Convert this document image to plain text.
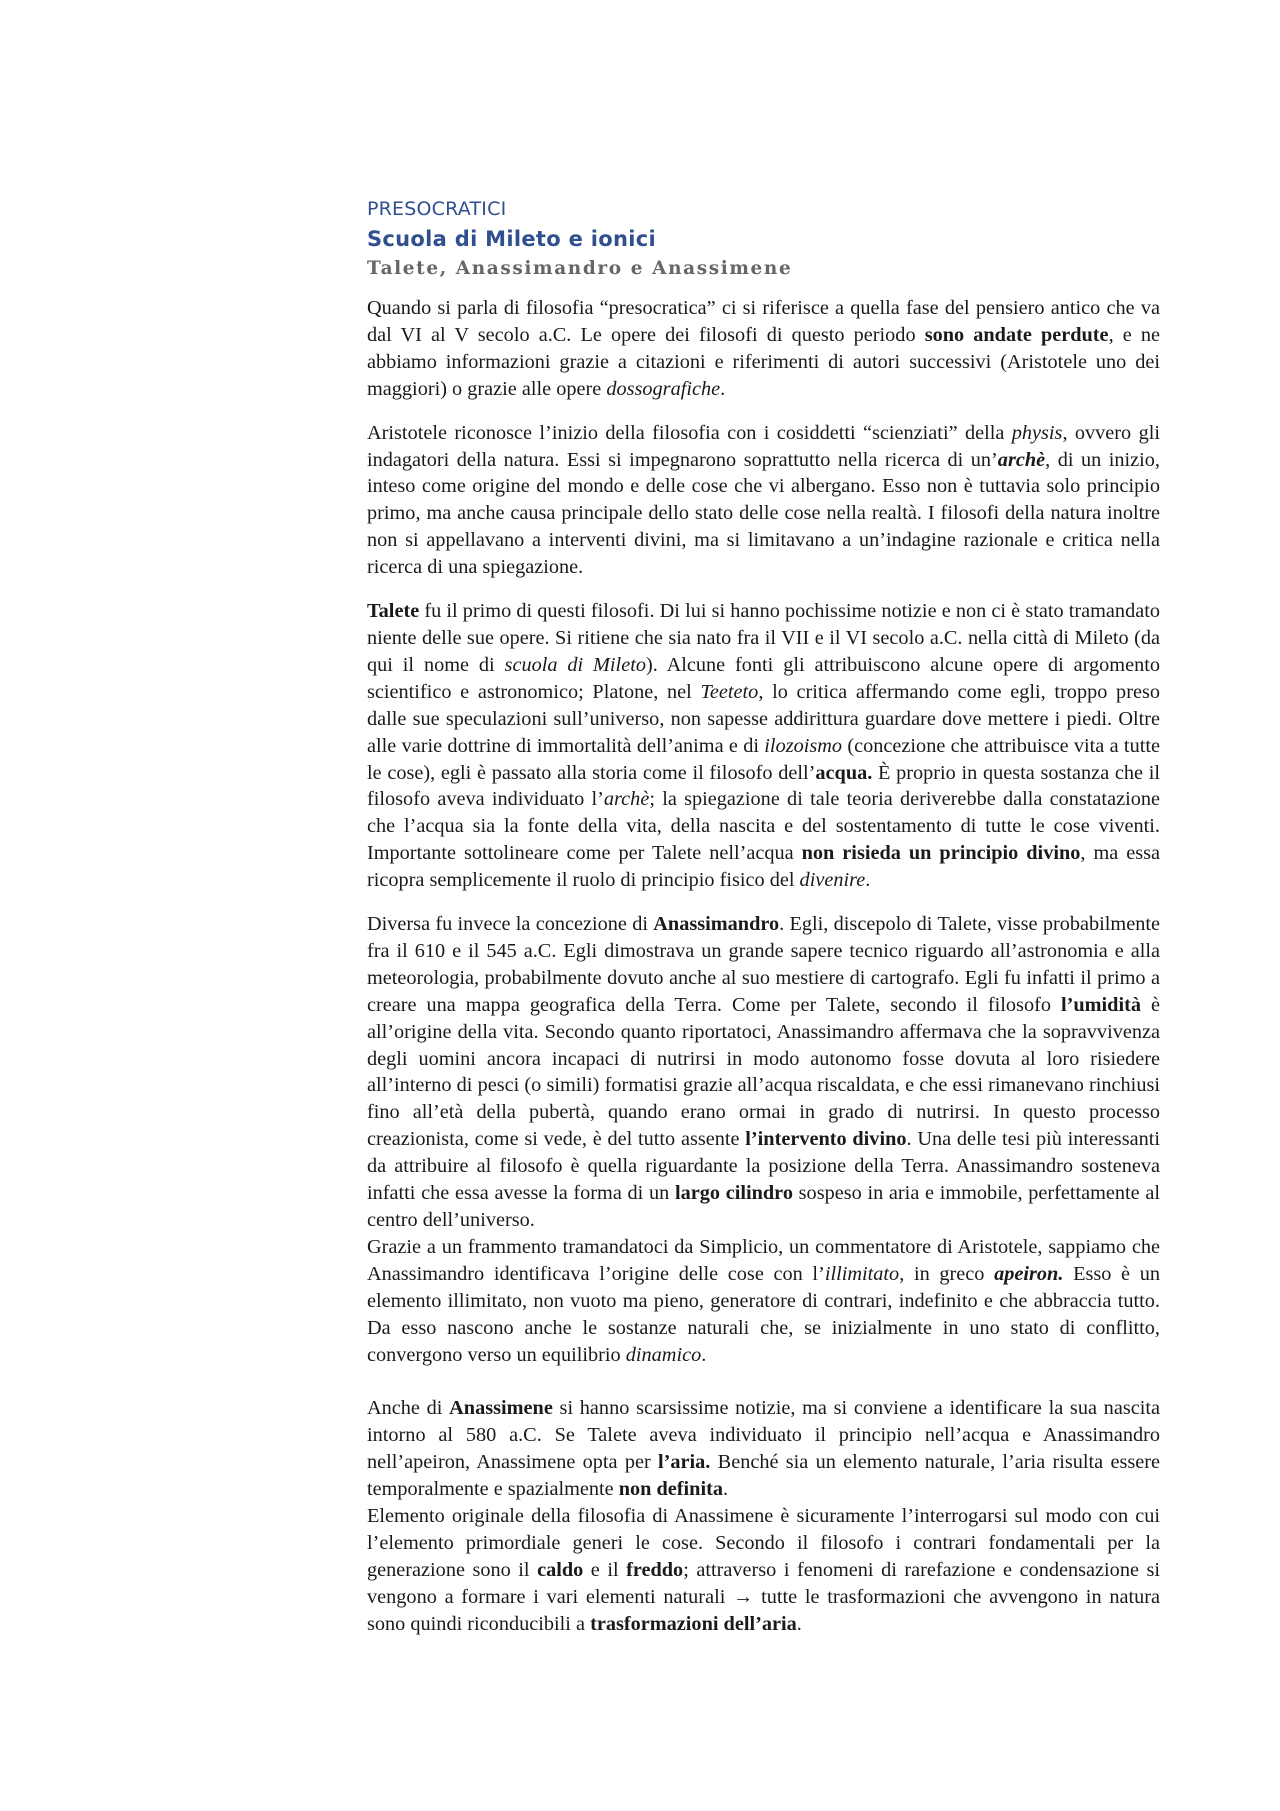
PRESOCRATICI

Scuola di Mileto e ionici

Talete, Anassimandro e Anassimene

Quando si parla di filosofia “presocratica” ci si riferisce a quella fase del pensiero antico che va dal VI al V secolo a.C. Le opere dei filosofi di questo periodo sono andate perdute, e ne abbiamo informazioni grazie a citazioni e riferimenti di autori successivi (Aristotele uno dei maggiori) o grazie alle opere dossografiche.

Aristotele riconosce l’inizio della filosofia con i cosiddetti “scienziati” della physis, ovvero gli indagatori della natura. Essi si impegnarono soprattutto nella ricerca di un’archè, di un inizio, inteso come origine del mondo e delle cose che vi albergano. Esso non è tuttavia solo principio primo, ma anche causa principale dello stato delle cose nella realtà. I filosofi della natura inoltre non si appellavano a interventi divini, ma si limitavano a un’indagine razionale e critica nella ricerca di una spiegazione.

Talete fu il primo di questi filosofi. Di lui si hanno pochissime notizie e non ci è stato tramandato niente delle sue opere. Si ritiene che sia nato fra il VII e il VI secolo a.C. nella città di Mileto (da qui il nome di scuola di Mileto). Alcune fonti gli attribuiscono alcune opere di argomento scientifico e astronomico; Platone, nel Teeteto, lo critica affermando come egli, troppo preso dalle sue speculazioni sull’universo, non sapesse addirittura guardare dove mettere i piedi. Oltre alle varie dottrine di immortalità dell’anima e di ilozoismo (concezione che attribuisce vita a tutte le cose), egli è passato alla storia come il filosofo dell’acqua. È proprio in questa sostanza che il filosofo aveva individuato l’archè; la spiegazione di tale teoria deriverebbe dalla constatazione che l’acqua sia la fonte della vita, della nascita e del sostentamento di tutte le cose viventi. Importante sottolineare come per Talete nell’acqua non risieda un principio divino, ma essa ricopra semplicemente il ruolo di principio fisico del divenire.

Diversa fu invece la concezione di Anassimandro. Egli, discepolo di Talete, visse probabilmente fra il 610 e il 545 a.C. Egli dimostrava un grande sapere tecnico riguardo all’astronomia e alla meteorologia, probabilmente dovuto anche al suo mestiere di cartografo. Egli fu infatti il primo a creare una mappa geografica della Terra. Come per Talete, secondo il filosofo l’umidità è all’origine della vita. Secondo quanto riportatoci, Anassimandro affermava che la sopravvivenza degli uomini ancora incapaci di nutrirsi in modo autonomo fosse dovuta al loro risiedere all’interno di pesci (o simili) formatisi grazie all’acqua riscaldata, e che essi rimanevano rinchiusi fino all’età della pubertà, quando erano ormai in grado di nutrirsi. In questo processo creazionista, come si vede, è del tutto assente l’intervento divino. Una delle tesi più interessanti da attribuire al filosofo è quella riguardante la posizione della Terra. Anassimandro sosteneva infatti che essa avesse la forma di un largo cilindro sospeso in aria e immobile, perfettamente al centro dell’universo.

Grazie a un frammento tramandatoci da Simplicio, un commentatore di Aristotele, sappiamo che Anassimandro identificava l’origine delle cose con l’illimitato, in greco apeiron. Esso è un elemento illimitato, non vuoto ma pieno, generatore di contrari, indefinito e che abbraccia tutto. Da esso nascono anche le sostanze naturali che, se inizialmente in uno stato di conflitto, convergono verso un equilibrio dinamico.

Anche di Anassimene si hanno scarsissime notizie, ma si conviene a identificare la sua nascita intorno al 580 a.C. Se Talete aveva individuato il principio nell’acqua e Anassimandro nell’apeiron, Anassimene opta per l’aria. Benché sia un elemento naturale, l’aria risulta essere temporalmente e spazialmente non definita.

Elemento originale della filosofia di Anassimene è sicuramente l’interrogarsi sul modo con cui l’elemento primordiale generi le cose. Secondo il filosofo i contrari fondamentali per la generazione sono il caldo e il freddo; attraverso i fenomeni di rarefazione e condensazione si vengono a formare i vari elementi naturali → tutte le trasformazioni che avvengono in natura sono quindi riconducibili a trasformazioni dell’aria.
